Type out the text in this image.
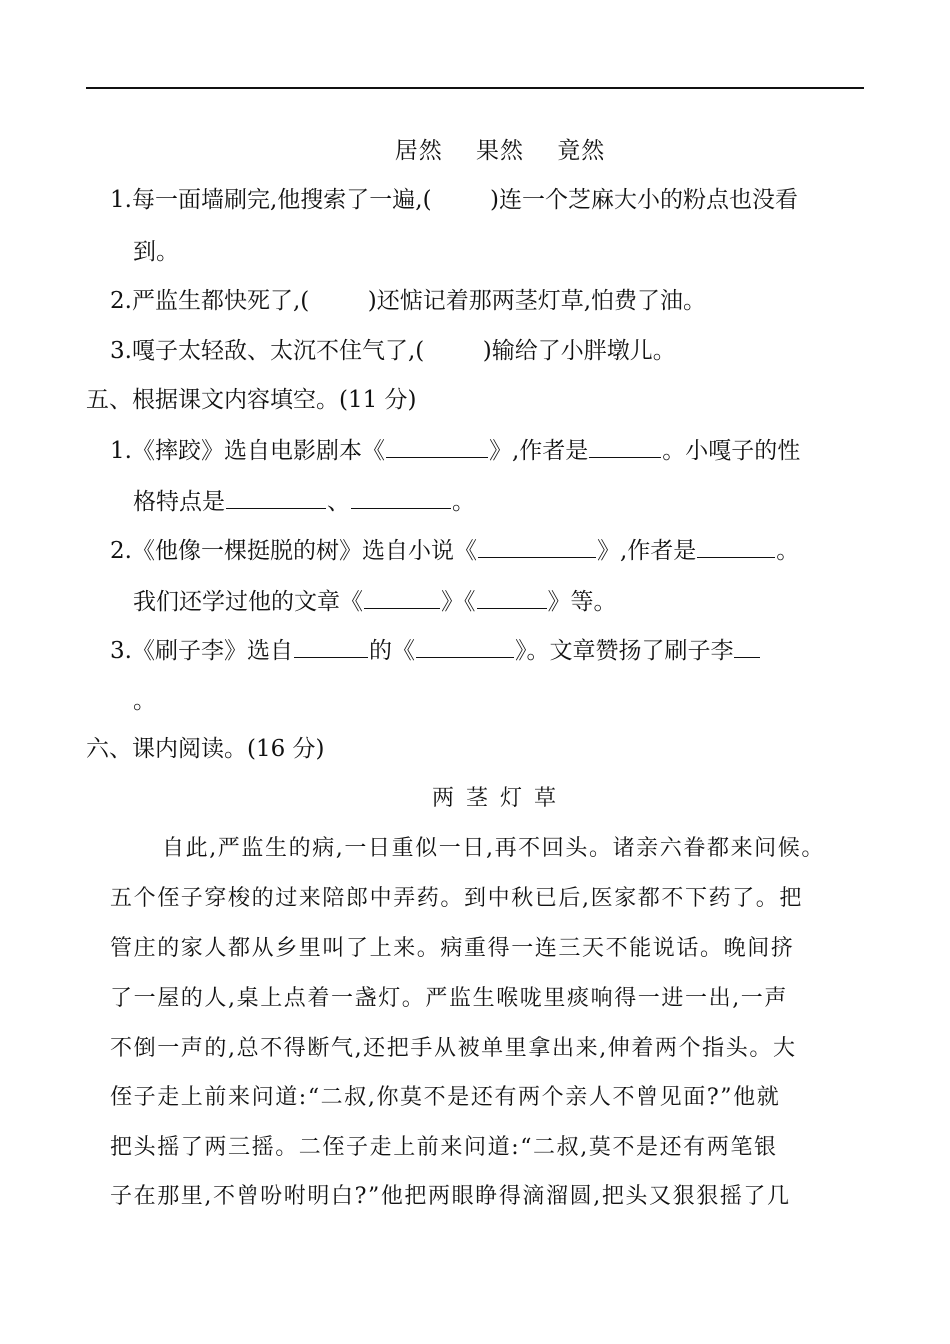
居然    果然    竟然
1.每一面墙刷完,他搜索了一遍,(        )连一个芝麻大小的粉点也没看
到。
2.严监生都快死了,(        )还惦记着那两茎灯草,怕费了油。
3.嘎子太轻敌、太沉不住气了,(        )输给了小胖墩儿。
五、根据课文内容填空。(11 分)
1.《摔跤》选自电影剧本《	》,作者是	。小嘎子的性
格特点是	、	。
2.《他像一棵挺脱的树》选自小说《	》,作者是	。
我们还学过他的文章《	》《	》等。
3.《刷子李》选自	的《	》。文章赞扬了刷子李
。
六、课内阅读。(16 分)
两茎灯草
自此,严监生的病,一日重似一日,再不回头。诸亲六眷都来问候。
五个侄子穿梭的过来陪郎中弄药。到中秋已后,医家都不下药了。把
管庄的家人都从乡里叫了上来。病重得一连三天不能说话。晚间挤
了一屋的人,桌上点着一盏灯。严监生喉咙里痰响得一进一出,一声
不倒一声的,总不得断气,还把手从被单里拿出来,伸着两个指头。大
侄子走上前来问道:“二叔,你莫不是还有两个亲人不曾见面?”他就
把头摇了两三摇。二侄子走上前来问道:“二叔,莫不是还有两笔银
子在那里,不曾吩咐明白?”他把两眼睁得滴溜圆,把头又狠狠摇了几
